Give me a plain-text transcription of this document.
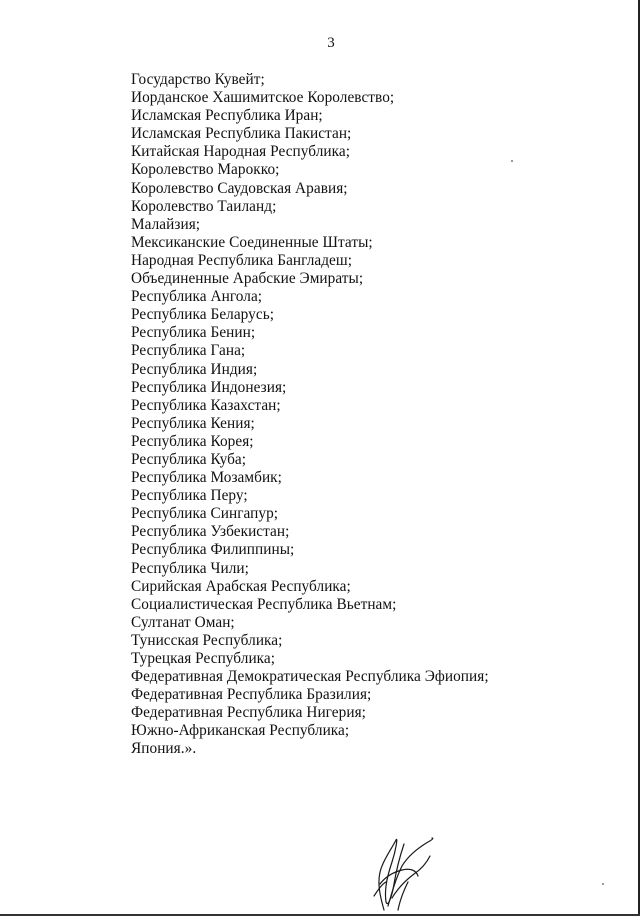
3
Государство Кувейт;
Иорданское Хашимитское Королевство;
Исламская Республика Иран;
Исламская Республика Пакистан;
Китайская Народная Республика;
Королевство Марокко;
Королевство Саудовская Аравия;
Королевство Таиланд;
Малайзия;
Мексиканские Соединенные Штаты;
Народная Республика Бангладеш;
Объединенные Арабские Эмираты;
Республика Ангола;
Республика Беларусь;
Республика Бенин;
Республика Гана;
Республика Индия;
Республика Индонезия;
Республика Казахстан;
Республика Кения;
Республика Корея;
Республика Куба;
Республика Мозамбик;
Республика Перу;
Республика Сингапур;
Республика Узбекистан;
Республика Филиппины;
Республика Чили;
Сирийская Арабская Республика;
Социалистическая Республика Вьетнам;
Султанат Оман;
Тунисская Республика;
Турецкая Республика;
Федеративная Демократическая Республика Эфиопия;
Федеративная Республика Бразилия;
Федеративная Республика Нигерия;
Южно-Африканская Республика;
Япония.».
